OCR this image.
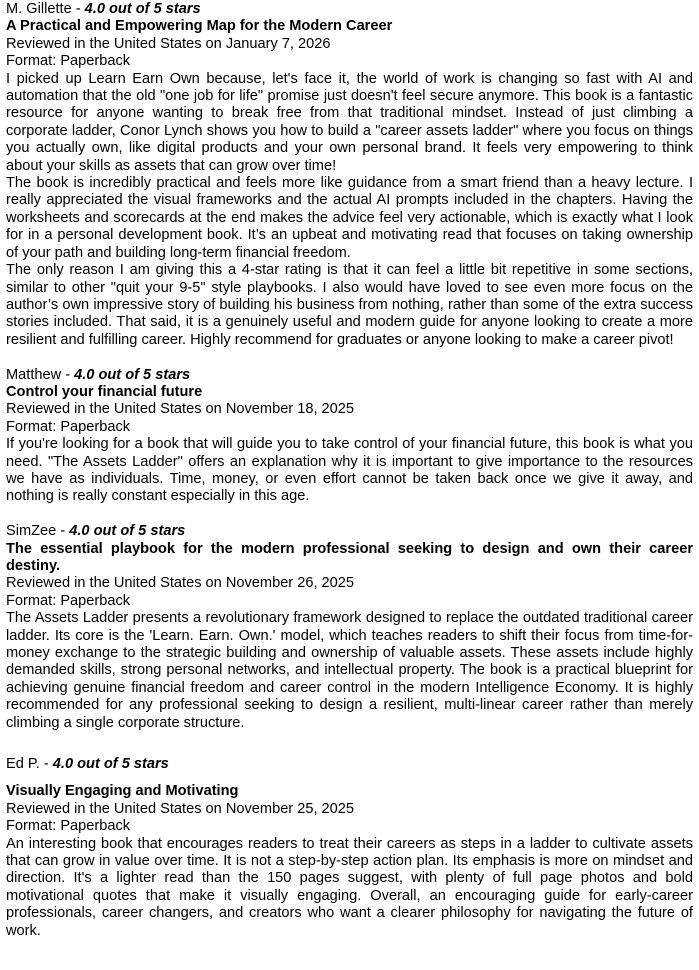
M. Gillette - 4.0 out of 5 stars

A Practical and Empowering Map for the Modern Career

Reviewed in the United States on January 7, 2026

Format: Paperback

I picked up Learn Earn Own because, let's face it, the world of work is changing so fast with AI and automation that the old "one job for life" promise just doesn't feel secure anymore. This book is a fantastic resource for anyone wanting to break free from that traditional mindset. Instead of just climbing a corporate ladder, Conor Lynch shows you how to build a "career assets ladder" where you focus on things you actually own, like digital products and your own personal brand. It feels very empowering to think about your skills as assets that can grow over time!

The book is incredibly practical and feels more like guidance from a smart friend than a heavy lecture. I really appreciated the visual frameworks and the actual AI prompts included in the chapters. Having the worksheets and scorecards at the end makes the advice feel very actionable, which is exactly what I look for in a personal development book. It’s an upbeat and motivating read that focuses on taking ownership of your path and building long-term financial freedom.

The only reason I am giving this a 4-star rating is that it can feel a little bit repetitive in some sections, similar to other "quit your 9-5" style playbooks. I also would have loved to see even more focus on the author’s own impressive story of building his business from nothing, rather than some of the extra success stories included. That said, it is a genuinely useful and modern guide for anyone looking to create a more resilient and fulfilling career. Highly recommend for graduates or anyone looking to make a career pivot!

Matthew - 4.0 out of 5 stars

Control your financial future

Reviewed in the United States on November 18, 2025

Format: Paperback

If you're looking for a book that will guide you to take control of your financial future, this book is what you need. "The Assets Ladder" offers an explanation why it is important to give importance to the resources we have as individuals. Time, money, or even effort cannot be taken back once we give it away, and nothing is really constant especially in this age.

SimZee - 4.0 out of 5 stars

The essential playbook for the modern professional seeking to design and own their career destiny.

Reviewed in the United States on November 26, 2025

Format: Paperback

The Assets Ladder presents a revolutionary framework designed to replace the outdated traditional career ladder. Its core is the 'Learn. Earn. Own.' model, which teaches readers to shift their focus from time-for-money exchange to the strategic building and ownership of valuable assets. These assets include highly demanded skills, strong personal networks, and intellectual property. The book is a practical blueprint for achieving genuine financial freedom and career control in the modern Intelligence Economy. It is highly recommended for any professional seeking to design a resilient, multi-linear career rather than merely climbing a single corporate structure.

Ed P. - 4.0 out of 5 stars

Visually Engaging and Motivating

Reviewed in the United States on November 25, 2025

Format: Paperback

An interesting book that encourages readers to treat their careers as steps in a ladder to cultivate assets that can grow in value over time. It is not a step-by-step action plan. Its emphasis is more on mindset and direction. It's a lighter read than the 150 pages suggest, with plenty of full page photos and bold motivational quotes that make it visually engaging. Overall, an encouraging guide for early-career professionals, career changers, and creators who want a clearer philosophy for navigating the future of work.
